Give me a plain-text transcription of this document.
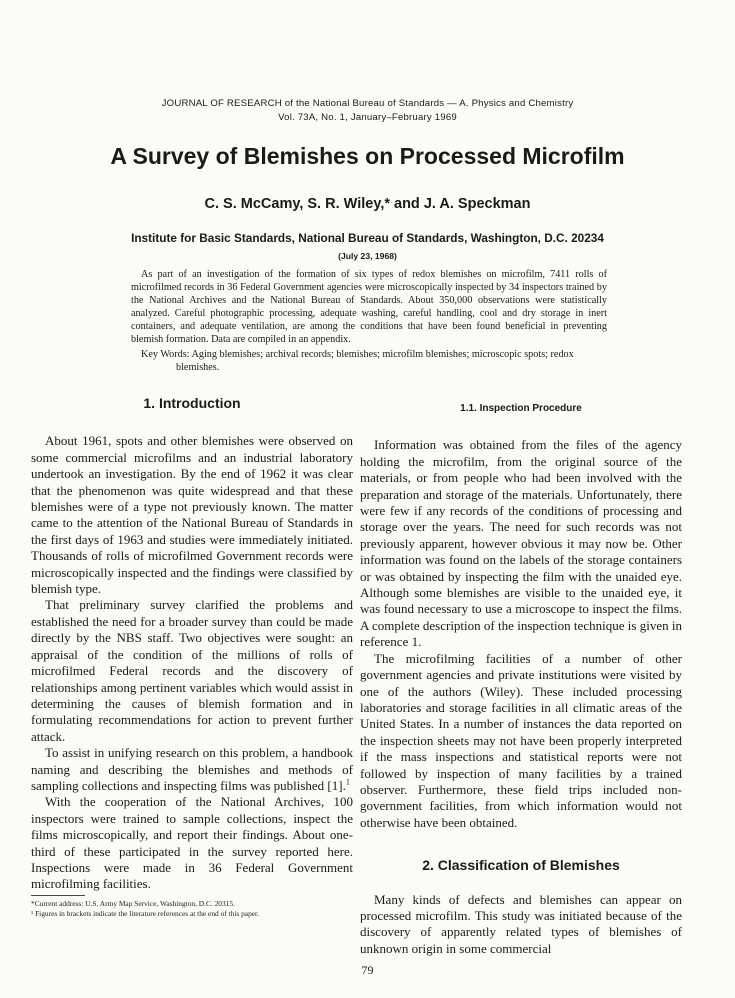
JOURNAL OF RESEARCH of the National Bureau of Standards — A. Physics and Chemistry
Vol. 73A, No. 1, January–February 1969
A Survey of Blemishes on Processed Microfilm
C. S. McCamy, S. R. Wiley,* and J. A. Speckman
Institute for Basic Standards, National Bureau of Standards, Washington, D.C. 20234
(July 23, 1968)

As part of an investigation of the formation of six types of redox blemishes on microfilm, 7411 rolls of microfilmed records in 36 Federal Government agencies were microscopically inspected by 34 inspectors trained by the National Archives and the National Bureau of Standards. About 350,000 observations were statistically analyzed. Careful photographic processing, adequate washing, careful handling, cool and dry storage in inert containers, and adequate ventilation, are among the conditions that have been found beneficial in preventing blemish formation. Data are compiled in an appendix.

Key Words: Aging blemishes; archival records; blemishes; microfilm blemishes; microscopic spots; redox blemishes.

1. Introduction

About 1961, spots and other blemishes were observed on some commercial microfilms and an industrial laboratory undertook an investigation. By the end of 1962 it was clear that the phenomenon was quite widespread and that these blemishes were of a type not previously known. The matter came to the attention of the National Bureau of Standards in the first days of 1963 and studies were immediately initiated. Thousands of rolls of microfilmed Government records were microscopically inspected and the findings were classified by blemish type.

That preliminary survey clarified the problems and established the need for a broader survey than could be made directly by the NBS staff. Two objectives were sought: an appraisal of the condition of the millions of rolls of microfilmed Federal records and the discovery of relationships among pertinent variables which would assist in determining the causes of blemish formation and in formulating recommendations for action to prevent further attack.

To assist in unifying research on this problem, a handbook naming and describing the blemishes and methods of sampling collections and inspecting films was published [1].$^1$

With the cooperation of the National Archives, 100 inspectors were trained to sample collections, inspect the films microscopically, and report their findings. About one-third of these participated in the survey reported here. Inspections were made in 36 Federal Government microfilming facilities.

1.1. Inspection Procedure

Information was obtained from the files of the agency holding the microfilm, from the original source of the materials, or from people who had been involved with the preparation and storage of the materials. Unfortunately, there were few if any records of the conditions of processing and storage over the years. The need for such records was not previously apparent, however obvious it may now be. Other information was found on the labels of the storage containers or was obtained by inspecting the film with the unaided eye. Although some blemishes are visible to the unaided eye, it was found necessary to use a microscope to inspect the films. A complete description of the inspection technique is given in reference 1.

The microfilming facilities of a number of other government agencies and private institutions were visited by one of the authors (Wiley). These included processing laboratories and storage facilities in all climatic areas of the United States. In a number of instances the data reported on the inspection sheets may not have been properly interpreted if the mass inspections and statistical reports were not followed by inspection of many facilities by a trained observer. Furthermore, these field trips included non-government facilities, from which information would not otherwise have been obtained.

2. Classification of Blemishes

Many kinds of defects and blemishes can appear on processed microfilm. This study was initiated because of the discovery of apparently related types of blemishes of unknown origin in some commercial

*Current address: U.S. Army Map Service, Washington, D.C. 20315.
¹ Figures in brackets indicate the literature references at the end of this paper.
79
